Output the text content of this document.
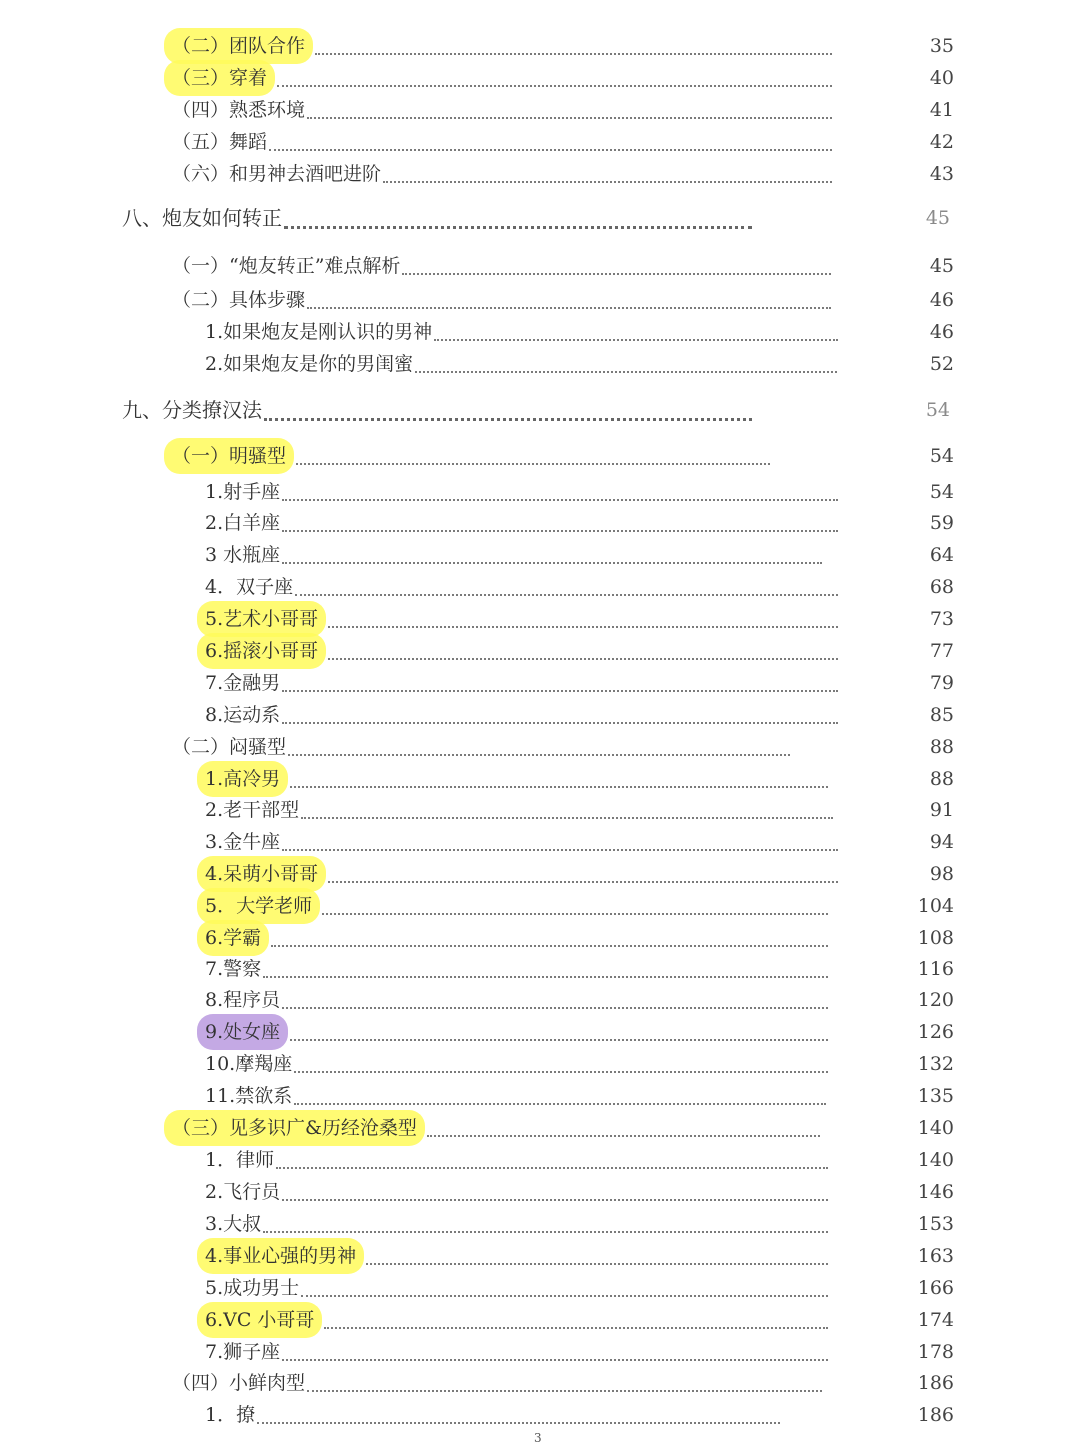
（二）团队合作	35
（三）穿着	40
（四）熟悉环境	41
（五）舞蹈	42
（六）和男神去酒吧进阶	43
八、炮友如何转正	45
（一）“炮友转正”难点解析	45
（二）具体步骤	46
1.如果炮友是刚认识的男神	46
2.如果炮友是你的男闺蜜	52
九、分类撩汉法	54
（一）明骚型	54
1.射手座	54
2.白羊座	59
3 水瓶座	64
4．双子座	68
5.艺术小哥哥	73
6.摇滚小哥哥	77
7.金融男	79
8.运动系	85
（二）闷骚型	88
1.高冷男	88
2.老干部型	91
3.金牛座	94
4.呆萌小哥哥	98
5．大学老师	104
6.学霸	108
7.警察	116
8.程序员	120
9.处女座	126
10.摩羯座	132
11.禁欲系	135
（三）见多识广&历经沧桑型	140
1．律师	140
2.飞行员	146
3.大叔	153
4.事业心强的男神	163
5.成功男士	166
6.VC 小哥哥	174
7.狮子座	178
（四）小鲜肉型	186
1．撩	186
3
